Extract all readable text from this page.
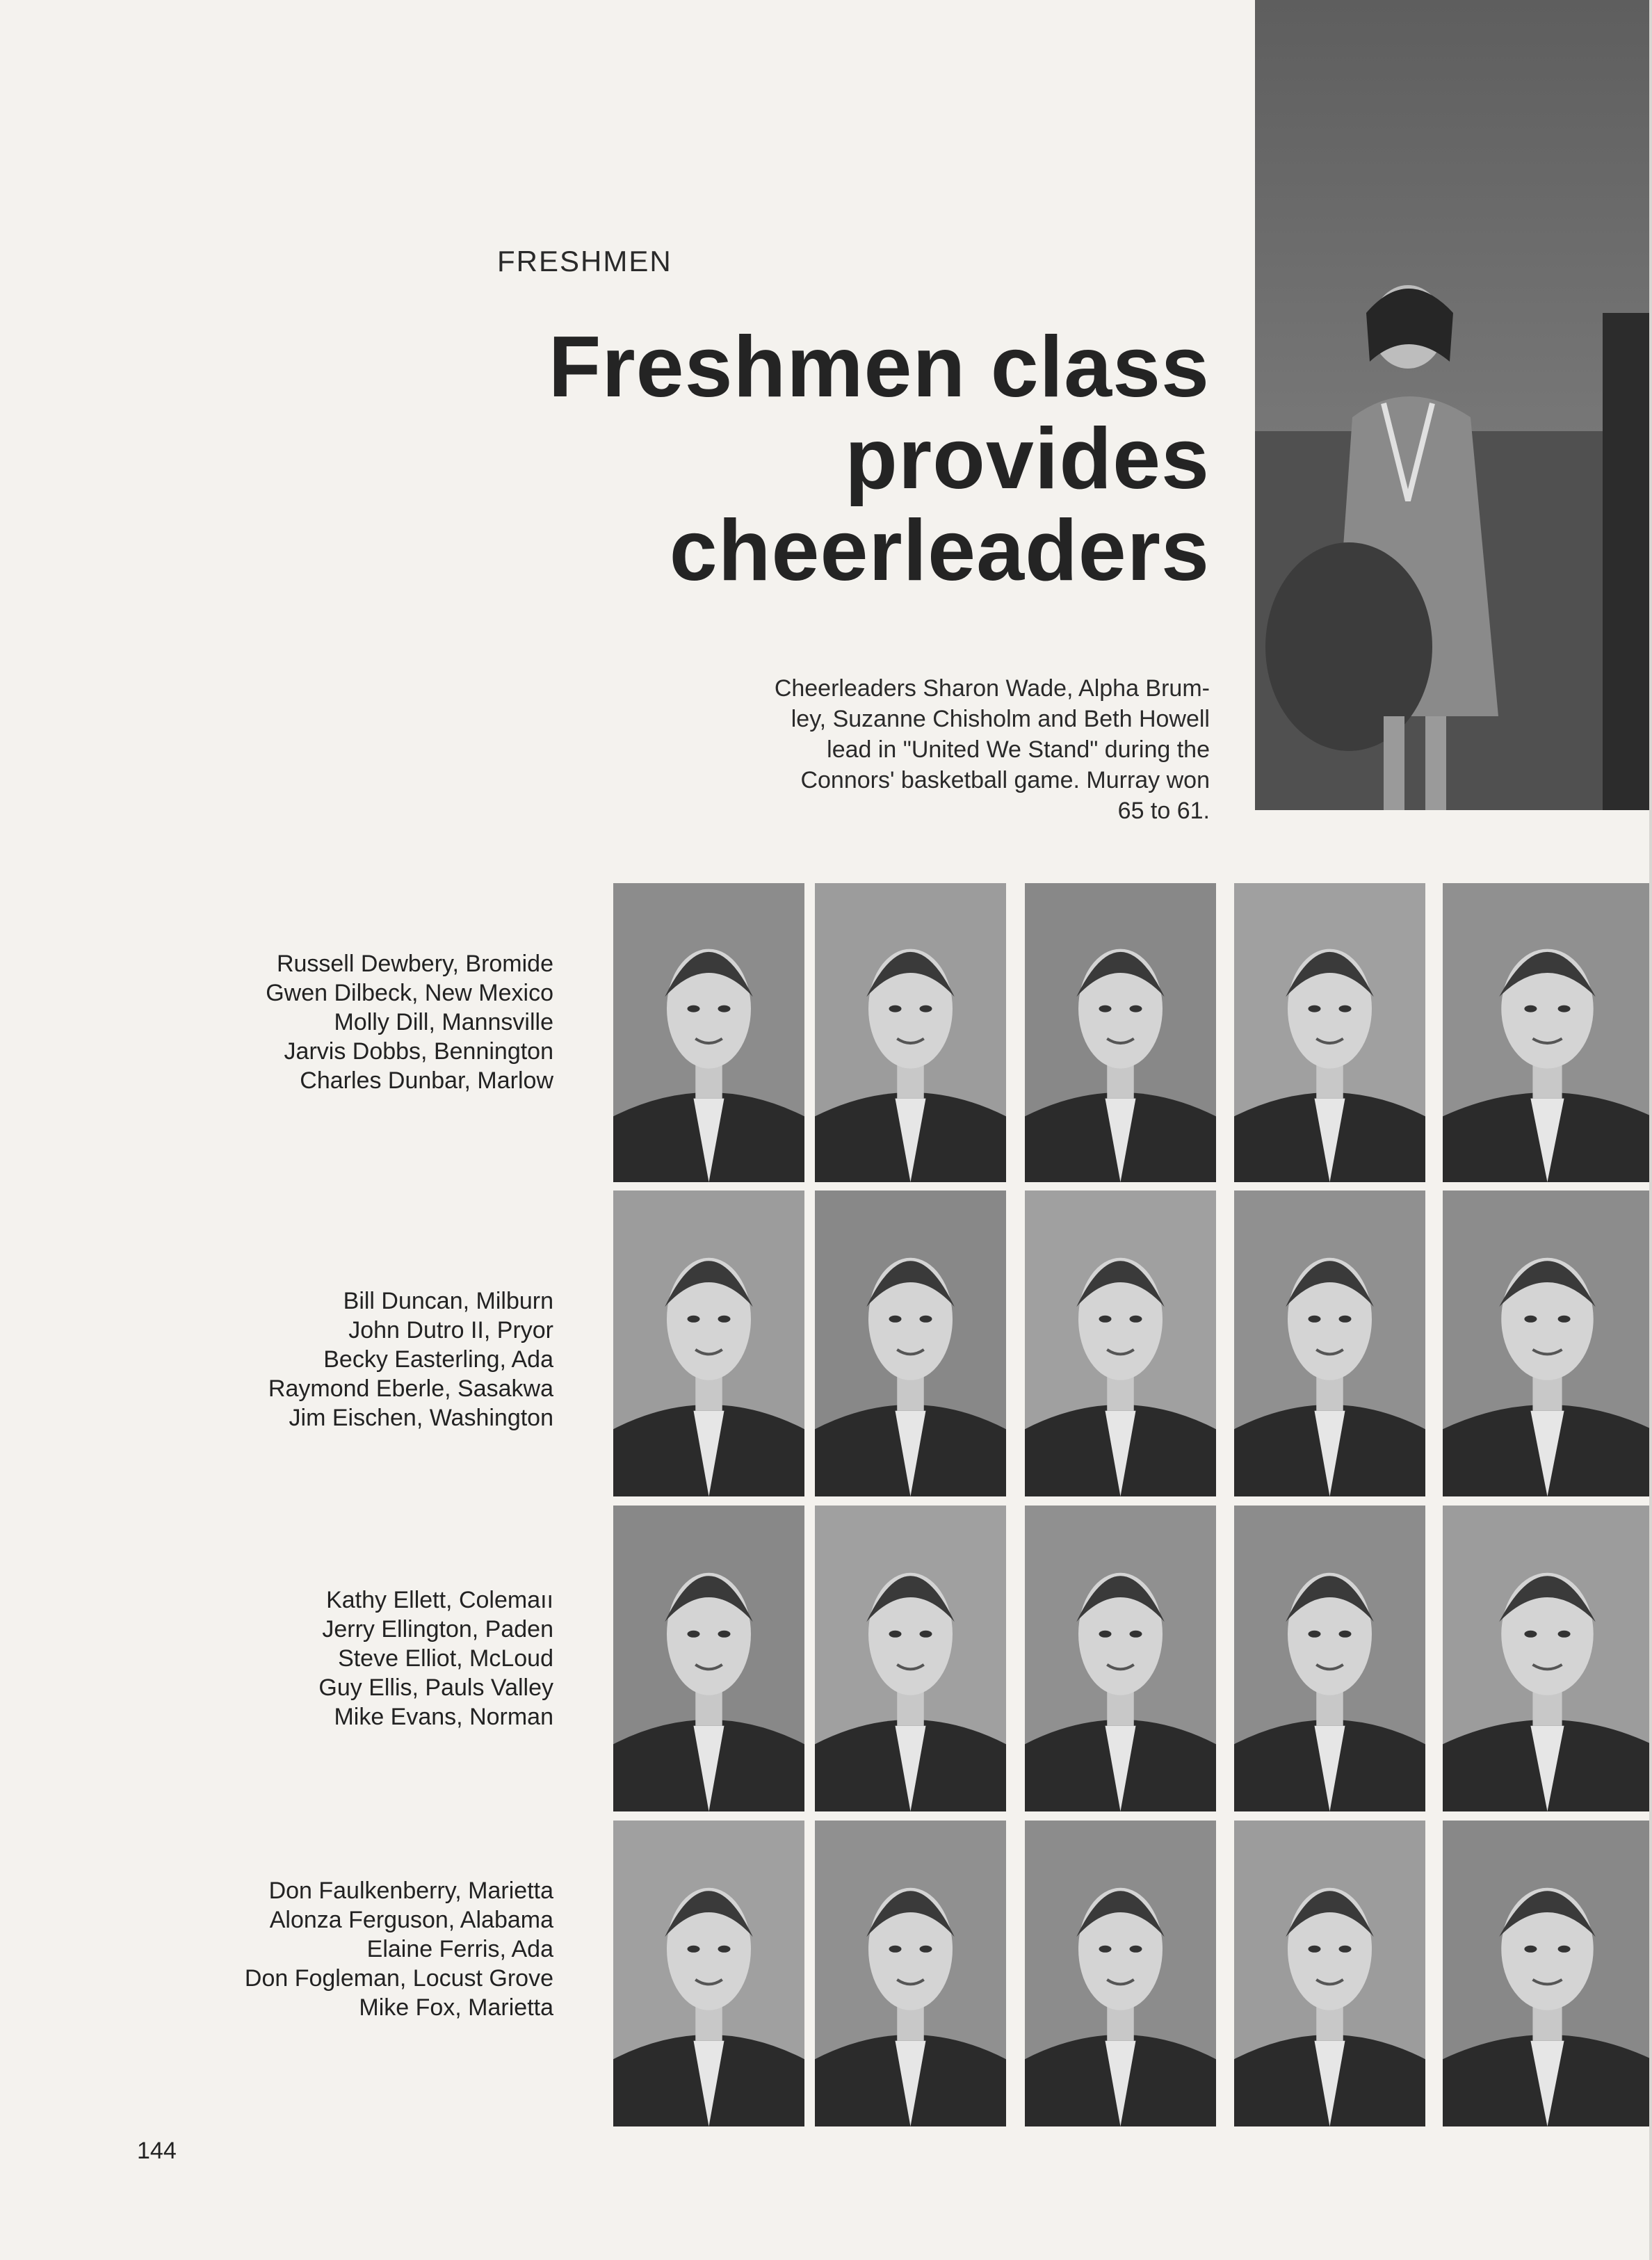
FRESHMEN
Freshmen class
provides
cheerleaders
Cheerleaders Sharon Wade, Alpha Brum-
ley, Suzanne Chisholm and Beth Howell
lead in "United We Stand" during the
Connors' basketball game. Murray won
65 to 61.
Russell Dewbery, Bromide
Gwen Dilbeck, New Mexico
Molly Dill, Mannsville
Jarvis Dobbs, Bennington
Charles Dunbar, Marlow
Bill Duncan, Milburn
John Dutro II, Pryor
Becky Easterling, Ada
Raymond Eberle, Sasakwa
Jim Eischen, Washington
Kathy Ellett, Colemaıı
Jerry Ellington, Paden
Steve Elliot, McLoud
Guy Ellis, Pauls Valley
Mike Evans, Norman
Don Faulkenberry, Marietta
Alonza Ferguson, Alabama
Elaine Ferris, Ada
Don Fogleman, Locust Grove
Mike Fox, Marietta
144
